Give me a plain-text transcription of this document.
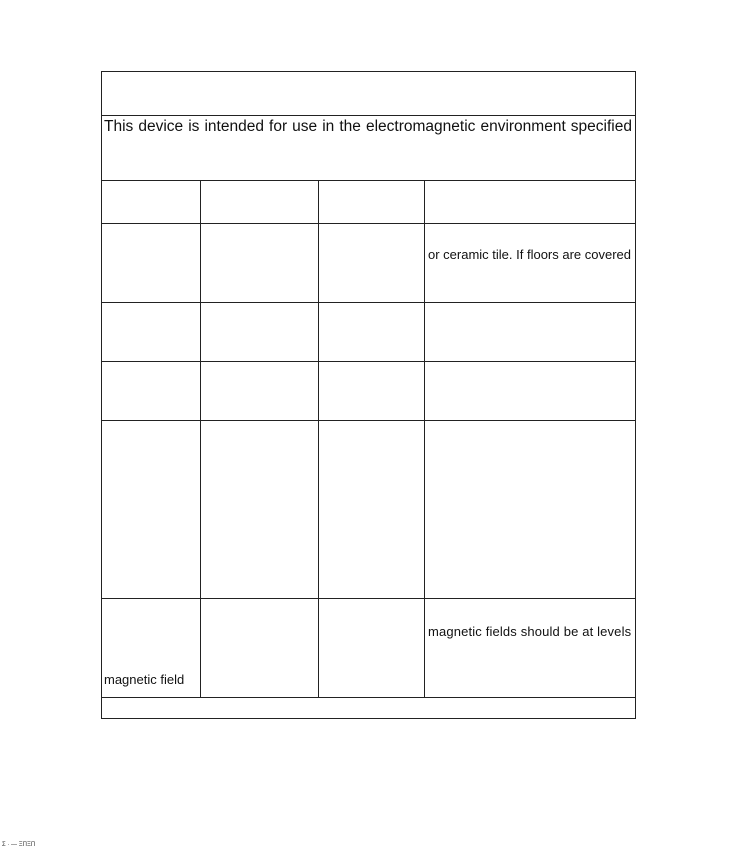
This device is intended for use in the electromagnetic environment specified
or ceramic tile. If floors are covered
magnetic fields should be at levels
magnetic field
Σ · — ΞΠΞΠ
